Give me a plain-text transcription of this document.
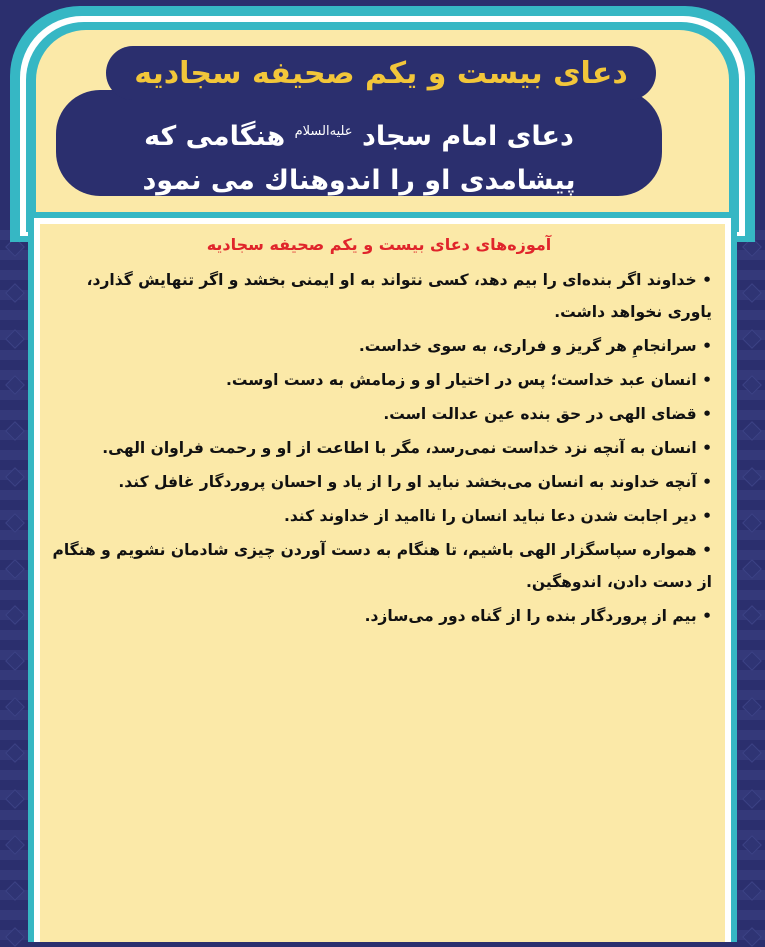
دعای امام سجاد $^{علیه‌السلام}$ هنگامی که
پیشامدی او را اندوهناك می نمود
دعای بیست و یکم صحیفه سجادیه
آموزه‌های دعای بیست و یکم صحیفه سجادیه
• خداوند اگر بنده‌ای را بیم دهد، کسی نتواند به او ایمنی بخشد و اگر تنهایش گذارد، یاوری نخواهد داشت.
• سرانجامِ هر گریز و فراری، به سوی خداست.
• انسان عبد خداست؛ پس در اختیار او و زمامش به دست اوست.
• قضای الهی در حق بنده عین عدالت است.
• انسان به آنچه نزد خداست نمی‌رسد، مگر با اطاعت از او و رحمت فراوان الهی.
• آنچه خداوند به انسان می‌بخشد نباید او را از یاد و احسان پروردگار غافل کند.
• دیر اجابت شدن دعا نباید انسان را ناامید از خداوند کند.
• همواره سپاسگزار الهی باشیم، تا هنگام به دست آوردن چیزی شادمان نشویم و هنگام از دست دادن، اندوهگین.
• بیم از پروردگار بنده را از گناه دور می‌سازد.
